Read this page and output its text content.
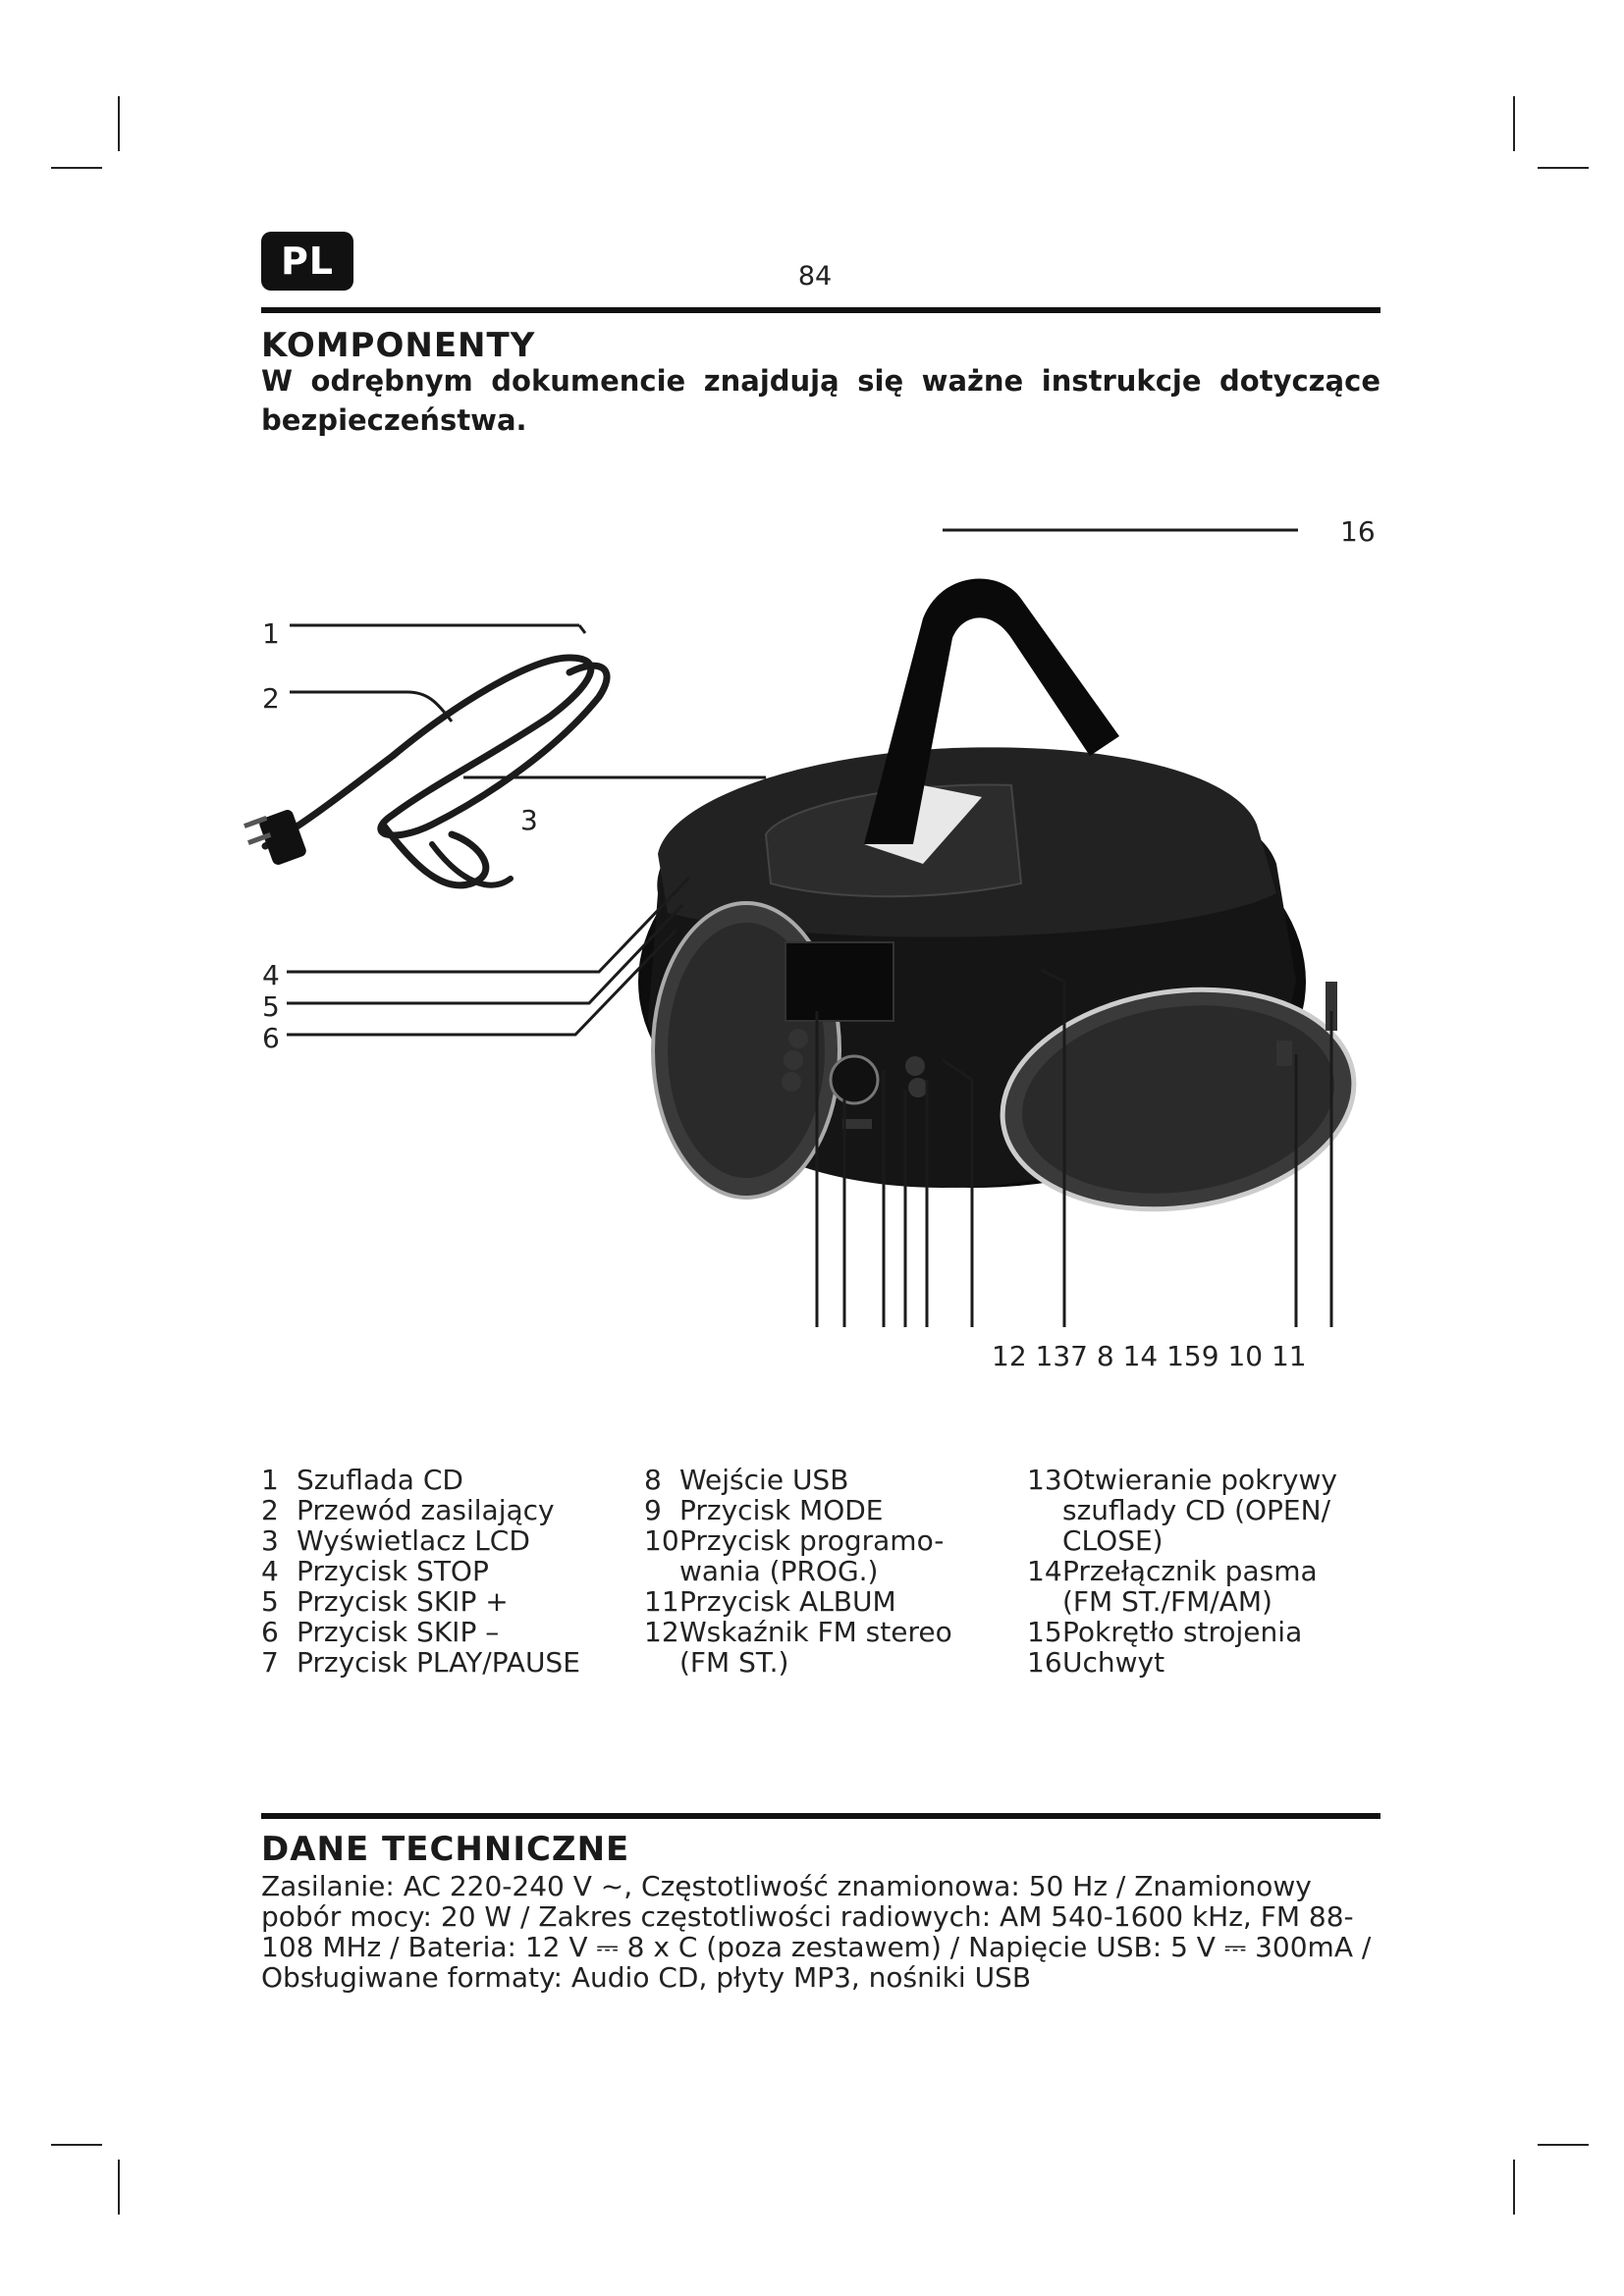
PL	84
KOMPONENTY

W odrębnym dokumencie znajdują się ważne instrukcje dotyczące bezpieczeństwa.

1
2
3
4
5
6
16
12 137 8 14 159 10 11
1 Szuflada CD
2 Przewód zasilający
3 Wyświetlacz LCD
4 Przycisk STOP
5 Przycisk SKIP +
6 Przycisk SKIP –
7 Przycisk PLAY/PAUSE
8 Wejście USB
9 Przycisk MODE
10 Przycisk programo-
wania (PROG.)
11 Przycisk ALBUM
12 Wskaźnik FM stereo
(FM ST.)
13 Otwieranie pokrywy
szuflady CD (OPEN/
CLOSE)
14 Przełącznik pasma
(FM ST./FM/AM)
15 Pokrętło strojenia
16 Uchwyt
DANE TECHNICZNE

Zasilanie: AC 220-240 V ~, Częstotliwość znamionowa: 50 Hz / Znamionowy pobór mocy: 20 W / Zakres częstotliwości radiowych: AM 540-1600 kHz, FM 88-108 MHz / Bateria: 12 V ⎓ 8 x C (poza zestawem) / Napięcie USB: 5 V ⎓ 300mA / Obsługiwane formaty: Audio CD, płyty MP3, nośniki USB
